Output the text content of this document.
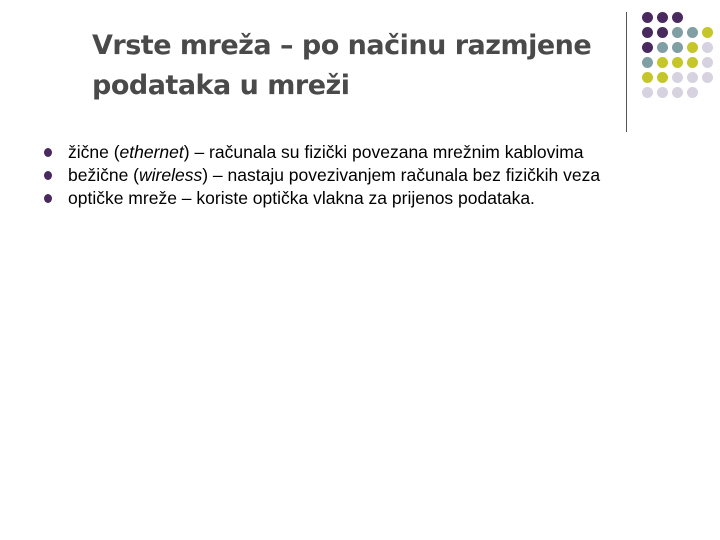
Vrste mreža – po načinu razmjene
podataka u mreži
žične (ethernet) – računala su fizički povezana mrežnim kablovima
bežične (wireless) – nastaju povezivanjem računala bez fizičkih veza
optičke mreže – koriste optička vlakna za prijenos podataka.
